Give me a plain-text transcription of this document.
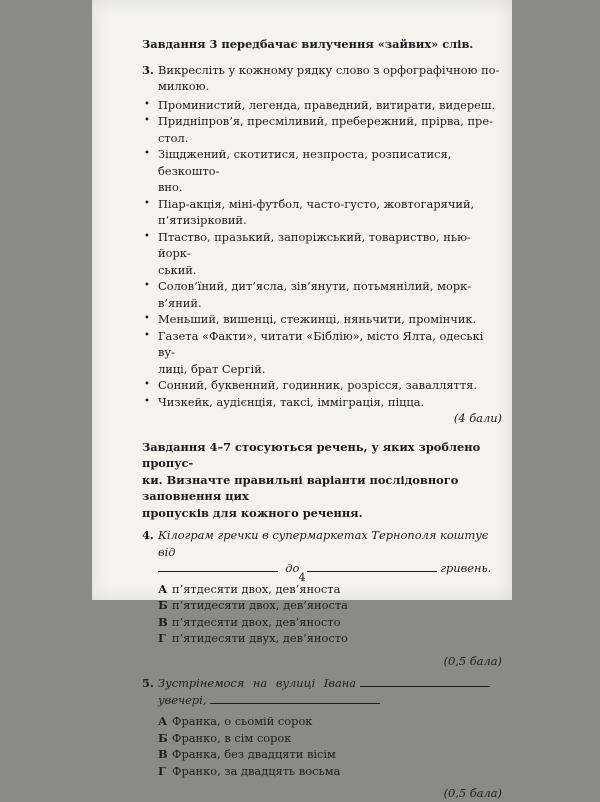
Завдання 3 передбачає вилучення «зайвих» слів.
3. Викресліть у кожному рядку слово з орфографічною по-
милкою.
• Проминистий, легенда, праведний, витирати, видереш.
• Придніпров’я, пресміливий, пребережний, прірва, пре-
стол.
• Зіщджений, скотитися, незпроста, розписатися, безкошто-
вно.
• Піар-акція, міні-футбол, часто-густо, жовтогарячий,
п’ятизірковий.
• Птаство, празький, запоріжський, товариство, нью-йорк-
ський.
• Солов’їний, дит’ясла, зів’янути, потьмянілий, морк-
в’яний.
• Меньший, вишенці, стежинці, няньчити, промінчик.
• Газета «Факти», читати «Біблію», місто Ялта, одеські ву-
лиці, брат Сергій.
• Сонний, буквенний, годинник, розрісся, завалляття.
• Чизкейк, аудієнція, таксі, імміграція, піцца.
(4 бали)
Завдання 4–7 стосуються речень, у яких зроблено пропус-
ки. Визначте правильні варіанти послідовного заповнення цих
пропусків для кожного речення.
4. Кілограм гречки в супермаркетах Тернополя коштує від
до	гривень.
А п’ятдесяти двох, дев’яноста
Б п’ятидесяти двох, дев’яноста
В п’ятдесяти двох, дев’яносто
Г п’ятидесяти двух, дев’яносто
(0,5 бала)
5. Зустрінемося на вулиці Івана
увечері,
А Франка, о сьомій сорок
Б Франко, в сім сорок
В Франка, без двадцяти вісім
Г Франко, за двадцять восьма
(0,5 бала)
4
